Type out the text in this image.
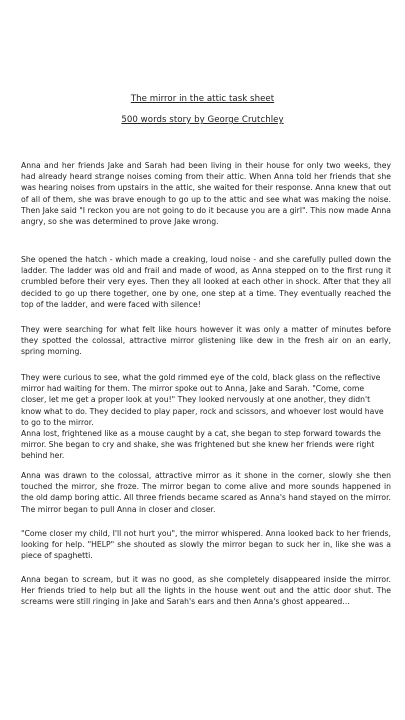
The mirror in the attic task sheet
500 words story by George Crutchley

Anna and her friends Jake and Sarah had been living in their house for only two weeks, they had already heard strange noises coming from their attic. When Anna told her friends that she was hearing noises from upstairs in the attic, she waited for their response. Anna knew that out of all of them, she was brave enough to go up to the attic and see what was making the noise. Then Jake said "I reckon you are not going to do it because you are a girl". This now made Anna angry, so she was determined to prove Jake wrong.

She opened the hatch - which made a creaking, loud noise - and she carefully pulled down the ladder. The ladder was old and frail and made of wood, as Anna stepped on to the first rung it crumbled before their very eyes. Then they all looked at each other in shock. After that they all decided to go up there together, one by one, one step at a time. They eventually reached the top of the ladder, and were faced with silence!

They were searching for what felt like hours however it was only a matter of minutes before they spotted the colossal, attractive mirror glistening like dew in the fresh air on an early, spring morning.

They were curious to see, what the gold rimmed eye of the cold, black glass on the reflective mirror had waiting for them. The mirror spoke out to Anna, Jake and Sarah. "Come, come closer, let me get a proper look at you!" They looked nervously at one another, they didn't know what to do. They decided to play paper, rock and scissors, and whoever lost would have to go to the mirror.
Anna lost, frightened like as a mouse caught by a cat, she began to step forward towards the mirror. She began to cry and shake, she was frightened but she knew her friends were right behind her.

Anna was drawn to the colossal, attractive mirror as it shone in the corner, slowly she then touched the mirror, she froze. The mirror began to come alive and more sounds happened in the old damp boring attic. All three friends became scared as Anna's hand stayed on the mirror. The mirror began to pull Anna in closer and closer.

"Come closer my child, I'll not hurt you", the mirror whispered. Anna looked back to her friends, looking for help. "HELP" she shouted as slowly the mirror began to suck her in, like she was a piece of spaghetti.

Anna began to scream, but it was no good, as she completely disappeared inside the mirror. Her friends tried to help but all the lights in the house went out and the attic door shut. The screams were still ringing in Jake and Sarah's ears and then Anna's ghost appeared…
